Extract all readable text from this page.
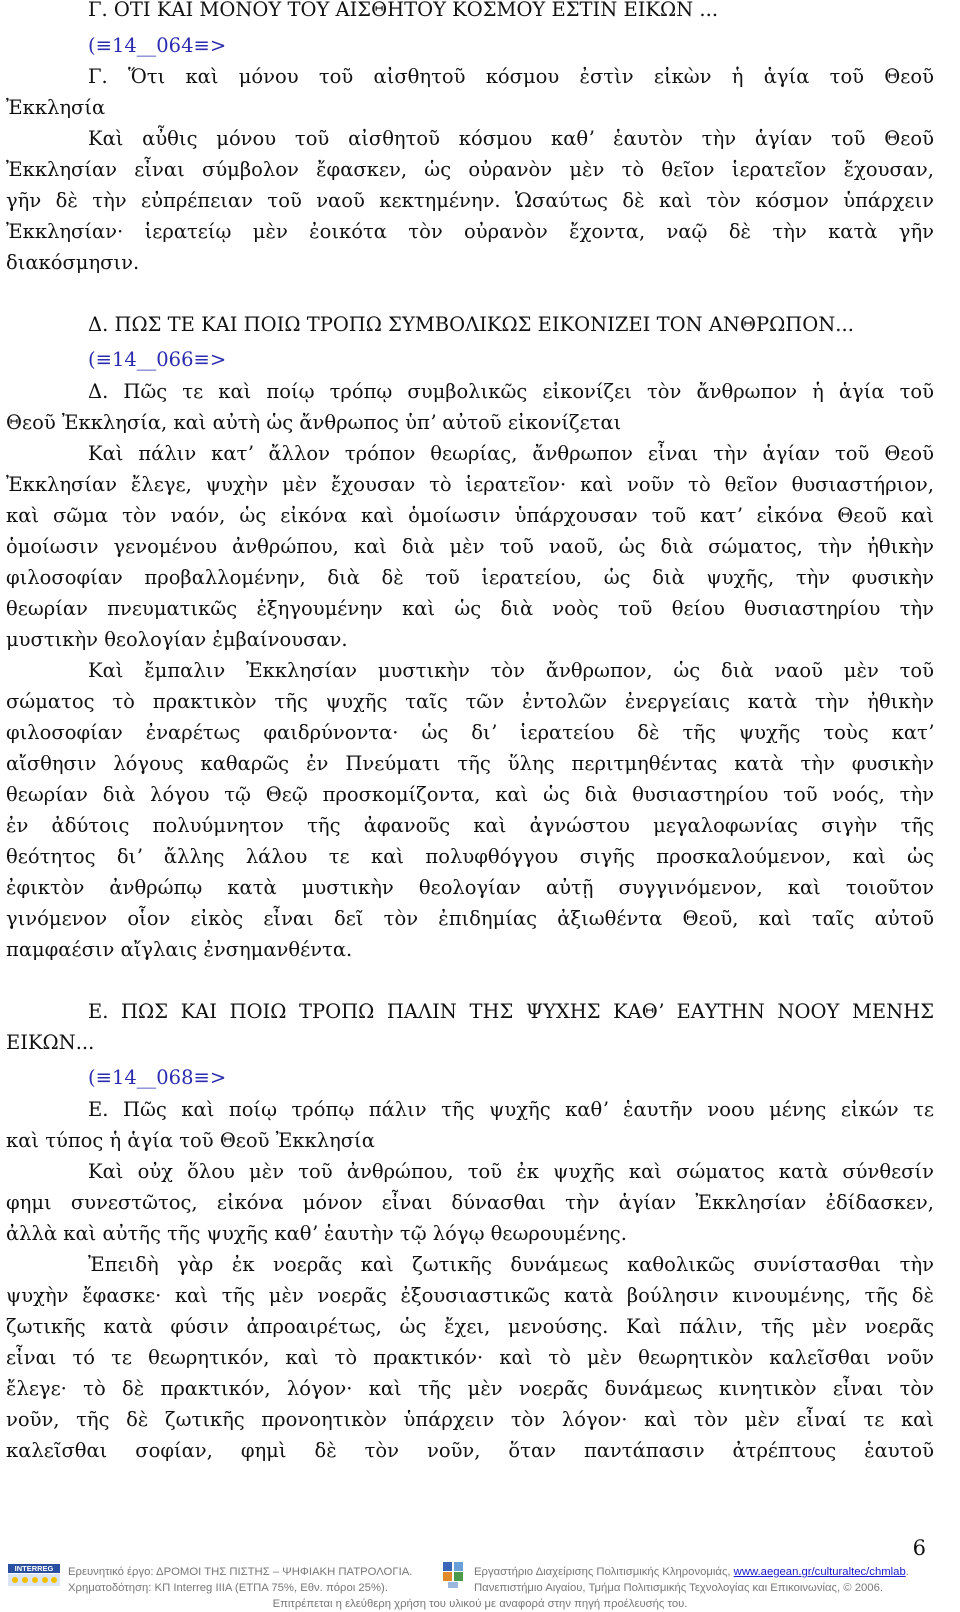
Γ. ΟΤΙ ΚΑΙ ΜΟΝΟΥ ΤΟΥ ΑΙΣΘΗΤΟΥ ΚΟΣΜΟΥ ΕΣΤΙΝ ΕΙΚΩΝ ...

(≡14__064≡>

Γ. Ὅτι καὶ μόνου τοῦ αἰσθητοῦ κόσμου ἐστὶν εἰκὼν ἡ ἁγία τοῦ Θεοῦ

Ἐκκλησία

Καὶ αὖθις μόνου τοῦ αἰσθητοῦ κόσμου καθʼ ἑαυτὸν τὴν ἁγίαν τοῦ Θεοῦ

Ἐκκλησίαν εἶναι σύμβολον ἔφασκεν, ὡς οὐρανὸν μὲν τὸ θεῖον ἱερατεῖον ἔχουσαν,

γῆν δὲ τὴν εὐπρέπειαν τοῦ ναοῦ κεκτημένην. Ὡσαύτως δὲ καὶ τὸν κόσμον ὑπάρχειν

Ἐκκλησίαν· ἱερατείῳ μὲν ἐοικότα τὸν οὐρανὸν ἔχοντα, ναῷ δὲ τὴν κατὰ γῆν

διακόσμησιν.

Δ. ΠΩΣ ΤΕ ΚΑΙ ΠΟΙΩ ΤΡΟΠΩ ΣΥΜΒΟΛΙΚΩΣ ΕΙΚΟΝΙΖΕΙ ΤΟΝ ΑΝΘΡΩΠΟΝ...

(≡14__066≡>

Δ. Πῶς τε καὶ ποίῳ τρόπῳ συμβολικῶς εἰκονίζει τὸν ἄνθρωπον ἡ ἁγία τοῦ

Θεοῦ Ἐκκλησία, καὶ αὐτὴ ὡς ἄνθρωπος ὑπʼ αὐτοῦ εἰκονίζεται

Καὶ πάλιν κατʼ ἄλλον τρόπον θεωρίας, ἄνθρωπον εἶναι τὴν ἁγίαν τοῦ Θεοῦ

Ἐκκλησίαν ἔλεγε, ψυχὴν μὲν ἔχουσαν τὸ ἱερατεῖον· καὶ νοῦν τὸ θεῖον θυσιαστήριον,

καὶ σῶμα τὸν ναόν, ὡς εἰκόνα καὶ ὁμοίωσιν ὑπάρχουσαν τοῦ κατʼ εἰκόνα Θεοῦ καὶ

ὁμοίωσιν γενομένου ἀνθρώπου, καὶ διὰ μὲν τοῦ ναοῦ, ὡς διὰ σώματος, τὴν ἠθικὴν

φιλοσοφίαν προβαλλομένην, διὰ δὲ τοῦ ἱερατείου, ὡς διὰ ψυχῆς, τὴν φυσικὴν

θεωρίαν πνευματικῶς ἐξηγουμένην καὶ ὡς διὰ νοὸς τοῦ θείου θυσιαστηρίου τὴν

μυστικὴν θεολογίαν ἐμβαίνουσαν.

Καὶ ἔμπαλιν Ἐκκλησίαν μυστικὴν τὸν ἄνθρωπον, ὡς διὰ ναοῦ μὲν τοῦ

σώματος τὸ πρακτικὸν τῆς ψυχῆς ταῖς τῶν ἐντολῶν ἐνεργείαις κατὰ τὴν ἠθικὴν

φιλοσοφίαν ἐναρέτως φαιδρύνοντα· ὡς διʼ ἱερατείου δὲ τῆς ψυχῆς τοὺς κατʼ

αἴσθησιν λόγους καθαρῶς ἐν Πνεύματι τῆς ὕλης περιτμηθέντας κατὰ τὴν φυσικὴν

θεωρίαν διὰ λόγου τῷ Θεῷ προσκομίζοντα, καὶ ὡς διὰ θυσιαστηρίου τοῦ νοός, τὴν

ἐν ἀδύτοις πολυύμνητον τῆς ἀφανοῦς καὶ ἀγνώστου μεγαλοφωνίας σιγὴν τῆς

θεότητος διʼ ἄλλης λάλου τε καὶ πολυφθόγγου σιγῆς προσκαλούμενον, καὶ ὡς

ἐφικτὸν ἀνθρώπῳ κατὰ μυστικὴν θεολογίαν αὐτῇ συγγινόμενον, καὶ τοιοῦτον

γινόμενον οἷον εἰκὸς εἶναι δεῖ τὸν ἐπιδημίας ἀξιωθέντα Θεοῦ, καὶ ταῖς αὐτοῦ

παμφαέσιν αἴγλαις ἐνσημανθέντα.

Ε. ΠΩΣ ΚΑΙ ΠΟΙΩ ΤΡΟΠΩ ΠΑΛΙΝ ΤΗΣ ΨΥΧΗΣ ΚΑΘʼ ΕΑΥΤΗΝ ΝΟΟΥ ΜΕΝΗΣ

ΕΙΚΩΝ...

(≡14__068≡>

Ε. Πῶς καὶ ποίῳ τρόπῳ πάλιν τῆς ψυχῆς καθʼ ἑαυτῆν νοου μένης εἰκών τε

καὶ τύπος ἡ ἁγία τοῦ Θεοῦ Ἐκκλησία

Καὶ οὐχ ὅλου μὲν τοῦ ἀνθρώπου, τοῦ ἐκ ψυχῆς καὶ σώματος κατὰ σύνθεσίν

φημι συνεστῶτος, εἰκόνα μόνον εἶναι δύνασθαι τὴν ἁγίαν Ἐκκλησίαν ἐδίδασκεν,

ἀλλὰ καὶ αὐτῆς τῆς ψυχῆς καθʼ ἑαυτὴν τῷ λόγῳ θεωρουμένης.

Ἐπειδὴ γὰρ ἐκ νοερᾶς καὶ ζωτικῆς δυνάμεως καθολικῶς συνίστασθαι τὴν

ψυχὴν ἔφασκε· καὶ τῆς μὲν νοερᾶς ἐξουσιαστικῶς κατὰ βούλησιν κινουμένης, τῆς δὲ

ζωτικῆς κατὰ φύσιν ἀπροαιρέτως, ὡς ἔχει, μενούσης. Καὶ πάλιν, τῆς μὲν νοερᾶς

εἶναι τό τε θεωρητικόν, καὶ τὸ πρακτικόν· καὶ τὸ μὲν θεωρητικὸν καλεῖσθαι νοῦν

ἔλεγε· τὸ δὲ πρακτικόν, λόγον· καὶ τῆς μὲν νοερᾶς δυνάμεως κινητικὸν εἶναι τὸν

νοῦν, τῆς δὲ ζωτικῆς προνοητικὸν ὑπάρχειν τὸν λόγον· καὶ τὸν μὲν εἶναί τε καὶ

καλεῖσθαι σοφίαν, φημὶ δὲ τὸν νοῦν, ὅταν παντάπασιν ἀτρέπτους ἑαυτοῦ

6
INTERREG	Ερευνητικό έργο: ΔΡΟΜΟΙ ΤΗΣ ΠΙΣΤΗΣ – ΨΗΦΙΑΚΗ ΠΑΤΡΟΛΟΓΙΑ.
Χρηματοδότηση: ΚΠ Interreg IIIA (ΕΤΠΑ 75%, Εθν. πόροι 25%).
Εργαστήριο Διαχείρισης Πολιτισμικής Κληρονομιάς, www.aegean.gr/culturaltec/chmlab.
Πανεπιστήμιο Αιγαίου, Τμήμα Πολιτισμικής Τεχνολογίας και Επικοινωνίας, © 2006.
Επιτρέπεται η ελεύθερη χρήση του υλικού με αναφορά στην πηγή προέλευσής του.
